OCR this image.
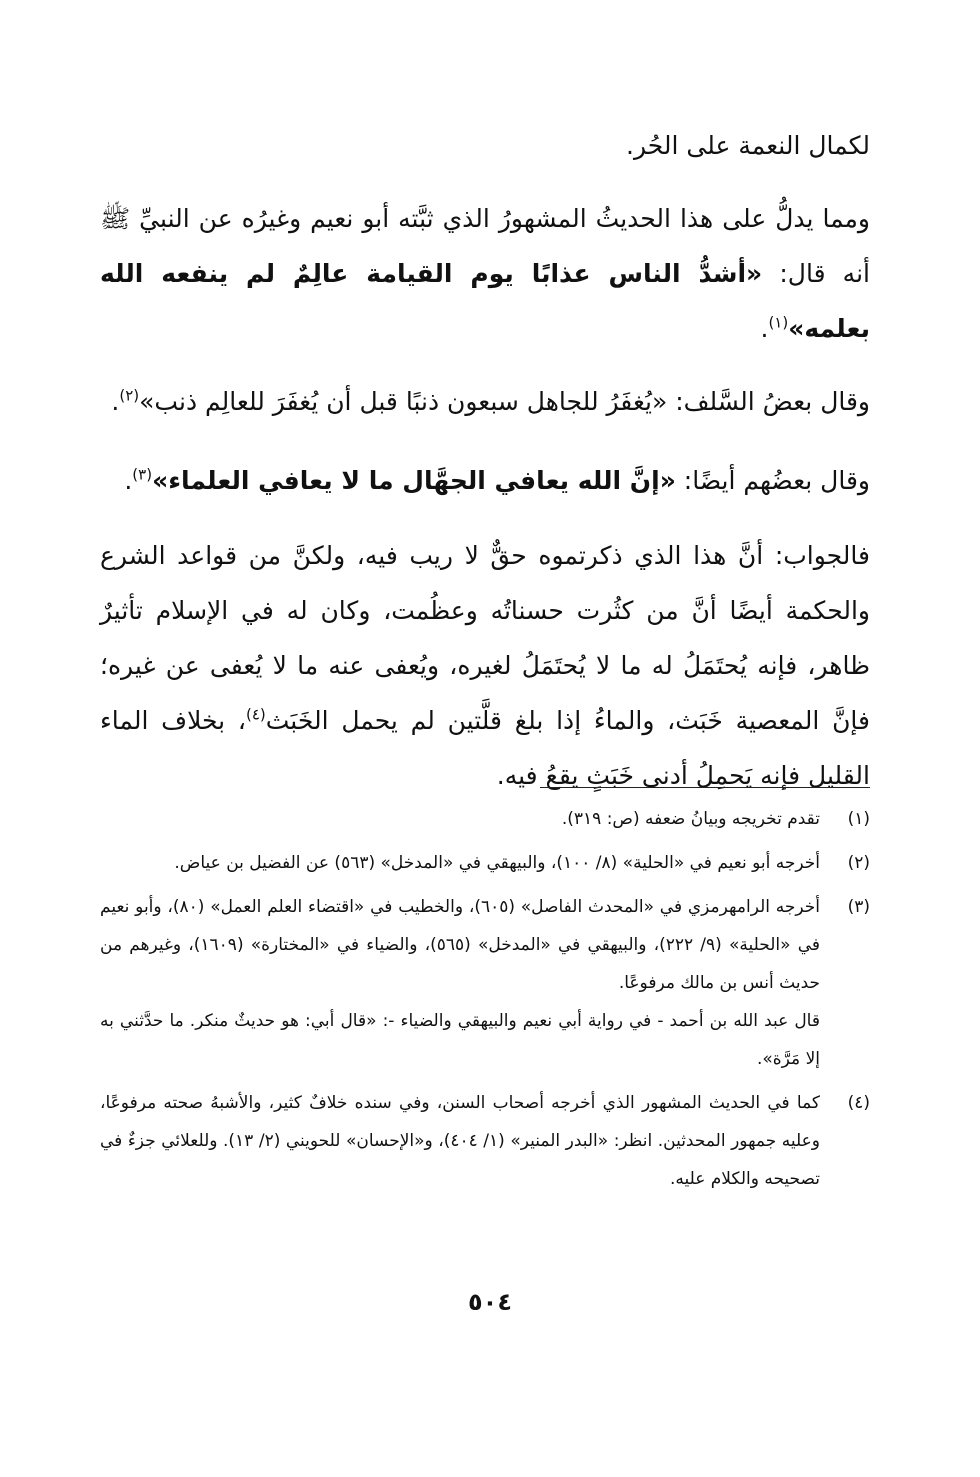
لكمال النعمة على الحُر.

ومما يدلُّ على هذا الحديثُ المشهورُ الذي ثبَّته أبو نعيم وغيرُه عن النبيِّ ﷺ أنه قال: «أشدُّ الناس عذابًا يوم القيامة عالِمٌ لم ينفعه الله بعلمه»$^{(١)}$.

وقال بعضُ السَّلف: «يُغفَرُ للجاهل سبعون ذنبًا قبل أن يُغفَرَ للعالِم ذنب»$^{(٢)}$.

وقال بعضُهم أيضًا: «إنَّ الله يعافي الجهَّال ما لا يعافي العلماء»$^{(٣)}$.

فالجواب: أنَّ هذا الذي ذكرتموه حقٌّ لا ريب فيه، ولكنَّ من قواعد الشرع والحكمة أيضًا أنَّ من كثُرت حسناتُه وعظُمت، وكان له في الإسلام تأثيرٌ ظاهر، فإنه يُحتَمَلُ له ما لا يُحتَمَلُ لغيره، ويُعفى عنه ما لا يُعفى عن غيره؛ فإنَّ المعصية خَبَث، والماءُ إذا بلغ قلَّتين لم يحمل الخَبَث$^{(٤)}$، بخلاف الماء القليل فإنه يَحمِلُ أدنى خَبَثٍ يقعُ فيه.

(١)
تقدم تخريجه وبيانُ ضعفه (ص: ٣١٩).
(٢)
أخرجه أبو نعيم في «الحلية» (٨/ ١٠٠)، والبيهقي في «المدخل» (٥٦٣) عن الفضيل بن عياض.
(٣)
أخرجه الرامهرمزي في «المحدث الفاصل» (٦٠٥)، والخطيب في «اقتضاء العلم العمل» (٨٠)، وأبو نعيم في «الحلية» (٩/ ٢٢٢)، والبيهقي في «المدخل» (٥٦٥)، والضياء في «المختارة» (١٦٠٩)، وغيرهم من حديث أنس بن مالك مرفوعًا.
قال عبد الله بن أحمد - في رواية أبي نعيم والبيهقي والضياء -: «قال أبي: هو حديثٌ منكر. ما حدَّثني به إلا مَرَّة».
(٤)
كما في الحديث المشهور الذي أخرجه أصحاب السنن، وفي سنده خلافٌ كثير، والأشبهُ صحته مرفوعًا، وعليه جمهور المحدثين. انظر: «البدر المنير» (١/ ٤٠٤)، و«الإحسان» للحويني (٢/ ١٣). وللعلائي جزءٌ في تصحيحه والكلام عليه.
٥٠٤
